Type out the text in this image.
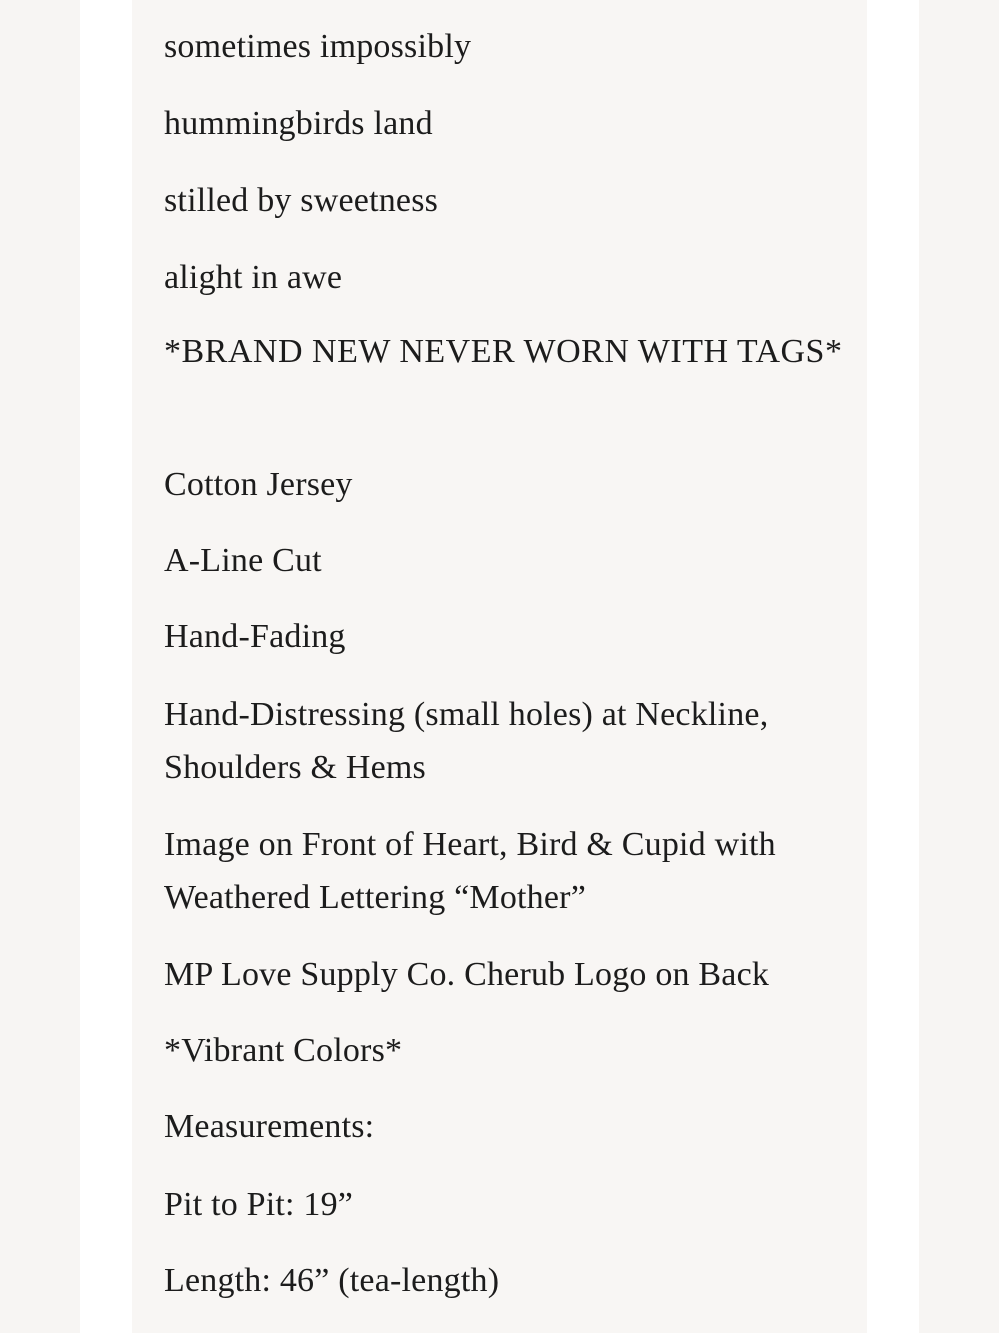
sometimes impossibly

hummingbirds land

stilled by sweetness

alight in awe

*BRAND NEW NEVER WORN WITH TAGS*

Cotton Jersey

A-Line Cut

Hand-Fading

Hand-Distressing (small holes) at Neckline, Shoulders & Hems

Image on Front of Heart, Bird & Cupid with Weathered Lettering “Mother”

MP Love Supply Co. Cherub Logo on Back

*Vibrant Colors*

Measurements:

Pit to Pit: 19”

Length: 46” (tea-length)
